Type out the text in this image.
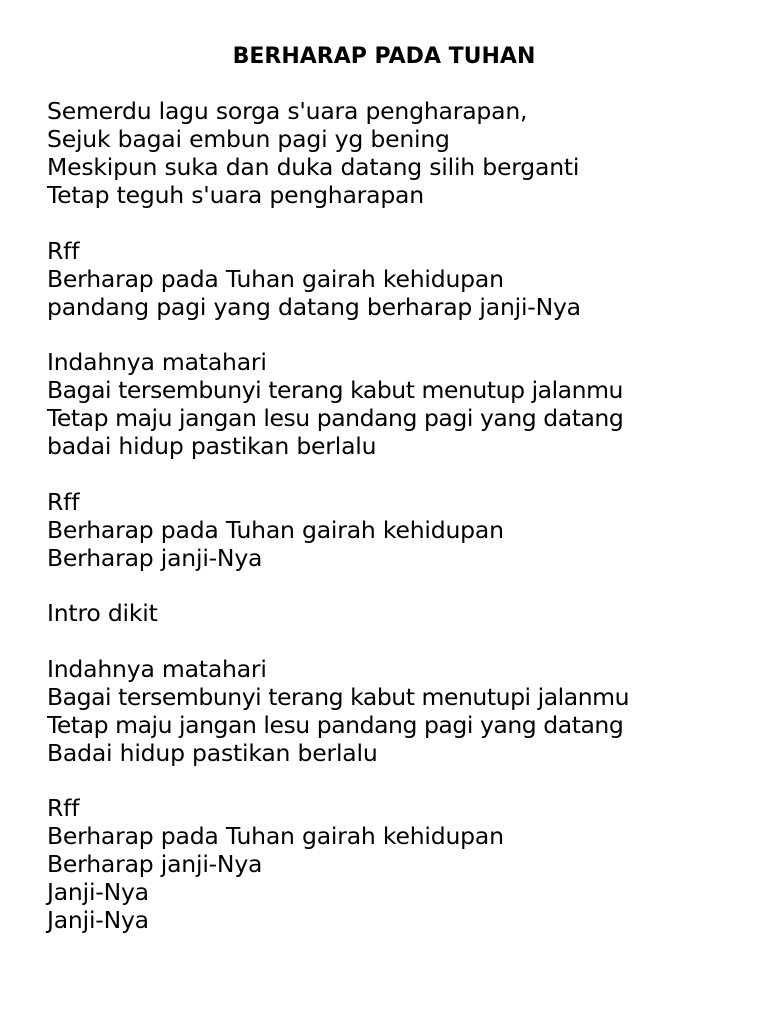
BERHARAP PADA TUHAN
Semerdu lagu sorga s'uara pengharapan,
Sejuk bagai embun pagi yg bening
Meskipun suka dan duka datang silih berganti
Tetap teguh s'uara pengharapan
Rff
Berharap pada Tuhan gairah kehidupan
pandang pagi yang datang berharap janji-Nya
Indahnya matahari
Bagai tersembunyi terang kabut menutup jalanmu
Tetap maju jangan lesu pandang pagi yang datang
badai hidup pastikan berlalu
Rff
Berharap pada Tuhan gairah kehidupan
Berharap janji-Nya
Intro dikit
Indahnya matahari
Bagai tersembunyi terang kabut menutupi jalanmu
Tetap maju jangan lesu pandang pagi yang datang
Badai hidup pastikan berlalu
Rff
Berharap pada Tuhan gairah kehidupan
Berharap janji-Nya
Janji-Nya
Janji-Nya
